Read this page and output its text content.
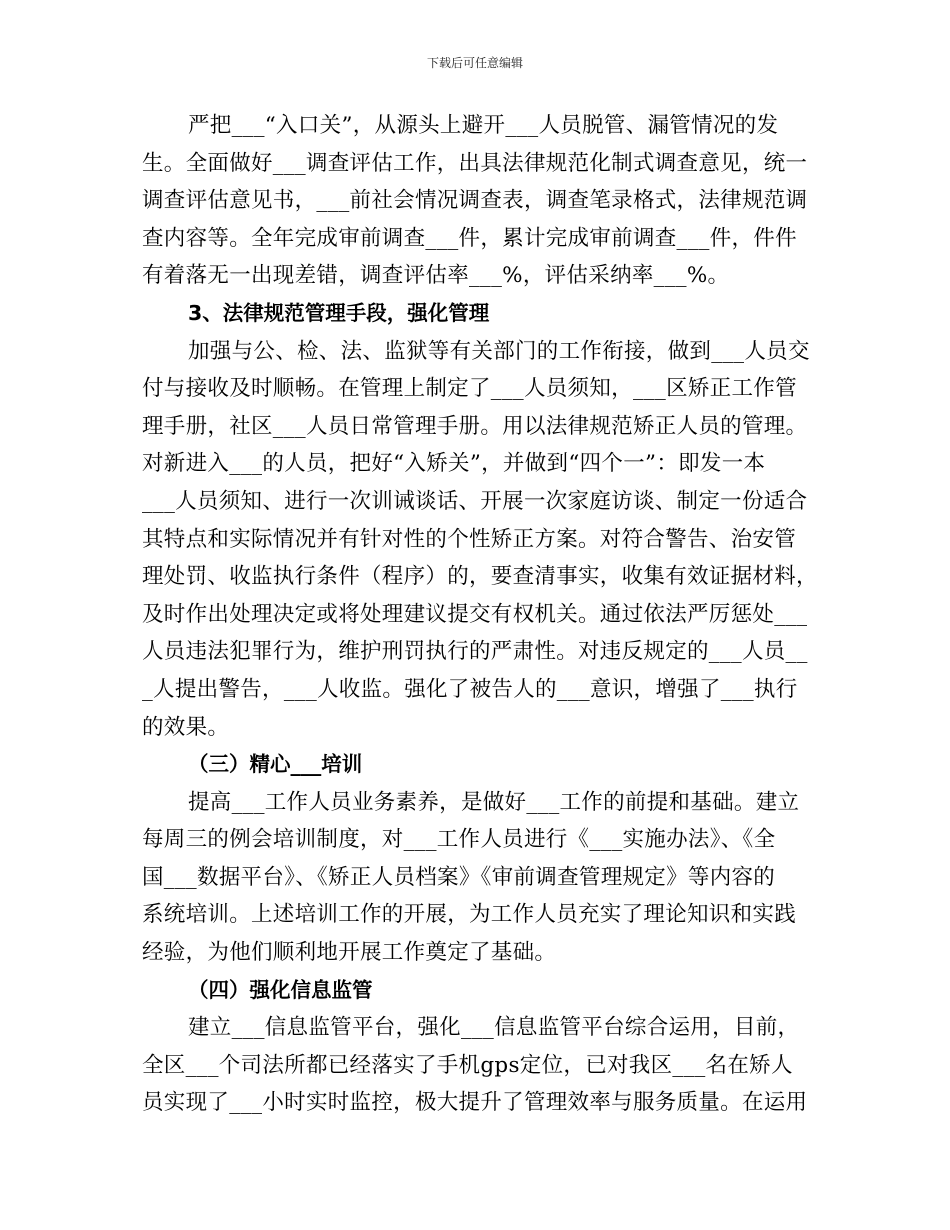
下载后可任意编辑
严把___“入口关”，从源头上避开___人员脱管、漏管情况的发
生。全面做好___调查评估工作，出具法律规范化制式调查意见，统一
调查评估意见书，___前社会情况调查表，调查笔录格式，法律规范调
查内容等。全年完成审前调查___件，累计完成审前调查___件，件件
有着落无一出现差错，调查评估率___%，评估采纳率___%。
3、法律规范管理手段，强化管理
加强与公、检、法、监狱等有关部门的工作衔接，做到___人员交
付与接收及时顺畅。在管理上制定了___人员须知，___区矫正工作管
理手册，社区___人员日常管理手册。用以法律规范矫正人员的管理。
对新进入___的人员，把好“入矫关”，并做到“四个一”：即发一本
___人员须知、进行一次训诫谈话、开展一次家庭访谈、制定一份适合
其特点和实际情况并有针对性的个性矫正方案。对符合警告、治安管
理处罚、收监执行条件（程序）的，要查清事实，收集有效证据材料，
及时作出处理决定或将处理建议提交有权机关。通过依法严厉惩处___
人员违法犯罪行为，维护刑罚执行的严肃性。对违反规定的___人员__
_人提出警告，___人收监。强化了被告人的___意识，增强了___执行
的效果。
（三）精心___培训
提高___工作人员业务素养，是做好___工作的前提和基础。建立
每周三的例会培训制度，对___工作人员进行《___实施办法》、《全
国___数据平台》、《矫正人员档案》《审前调查管理规定》等内容的
系统培训。上述培训工作的开展，为工作人员充实了理论知识和实践
经验，为他们顺利地开展工作奠定了基础。
（四）强化信息监管
建立___信息监管平台，强化___信息监管平台综合运用，目前，
全区___个司法所都已经落实了手机gps定位，已对我区___名在矫人
员实现了___小时实时监控，极大提升了管理效率与服务质量。在运用
